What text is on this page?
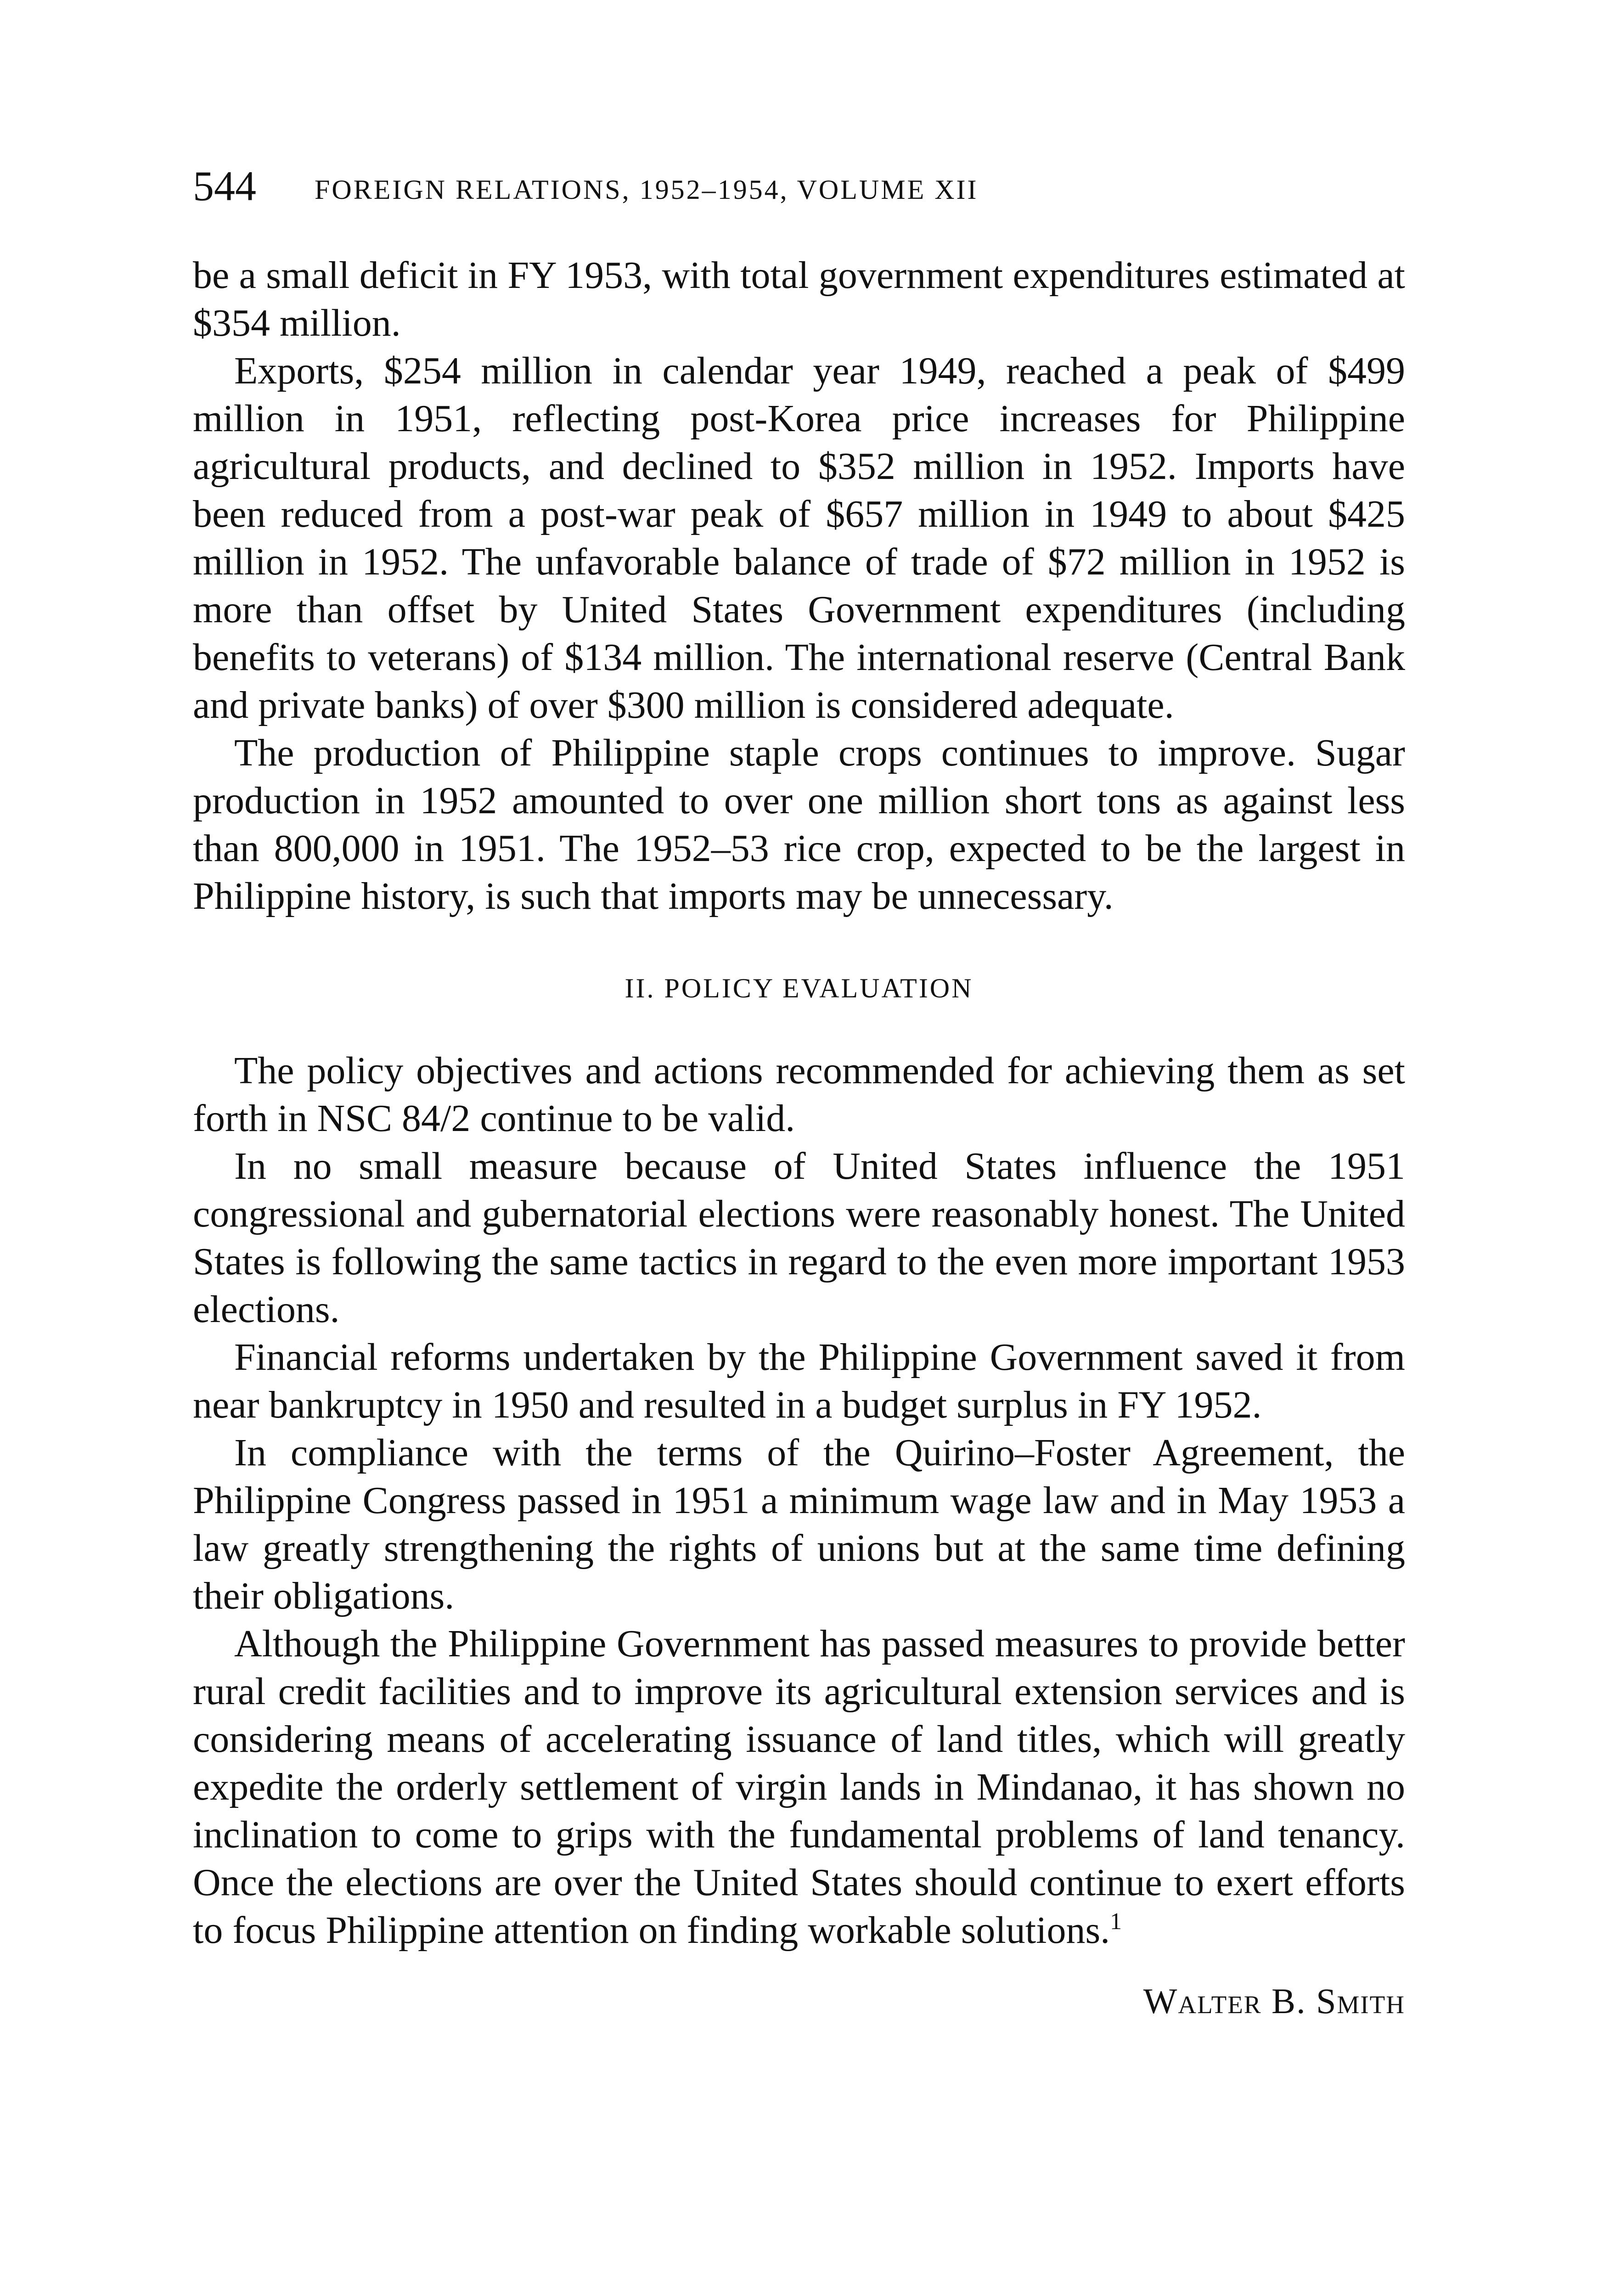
544 FOREIGN RELATIONS, 1952–1954, VOLUME XII

be a small deficit in FY 1953, with total government expenditures estimated at $354 million.

Exports, $254 million in calendar year 1949, reached a peak of $499 million in 1951, reflecting post-Korea price increases for Philippine agricultural products, and declined to $352 million in 1952. Imports have been reduced from a post-war peak of $657 million in 1949 to about $425 million in 1952. The unfavorable balance of trade of $72 million in 1952 is more than offset by United States Government expenditures (including benefits to veterans) of $134 million. The international reserve (Central Bank and private banks) of over $300 million is considered adequate.

The production of Philippine staple crops continues to improve. Sugar production in 1952 amounted to over one million short tons as against less than 800,000 in 1951. The 1952–53 rice crop, expected to be the largest in Philippine history, is such that imports may be unnecessary.

II. POLICY EVALUATION

The policy objectives and actions recommended for achieving them as set forth in NSC 84/2 continue to be valid.

In no small measure because of United States influence the 1951 congressional and gubernatorial elections were reasonably honest. The United States is following the same tactics in regard to the even more important 1953 elections.

Financial reforms undertaken by the Philippine Government saved it from near bankruptcy in 1950 and resulted in a budget surplus in FY 1952.

In compliance with the terms of the Quirino–Foster Agreement, the Philippine Congress passed in 1951 a minimum wage law and in May 1953 a law greatly strengthening the rights of unions but at the same time defining their obligations.

Although the Philippine Government has passed measures to provide better rural credit facilities and to improve its agricultural extension services and is considering means of accelerating issuance of land titles, which will greatly expedite the orderly settlement of virgin lands in Mindanao, it has shown no inclination to come to grips with the fundamental problems of land tenancy. Once the elections are over the United States should continue to exert efforts to focus Philippine attention on finding workable solutions.$^1$

Walter B. Smith
